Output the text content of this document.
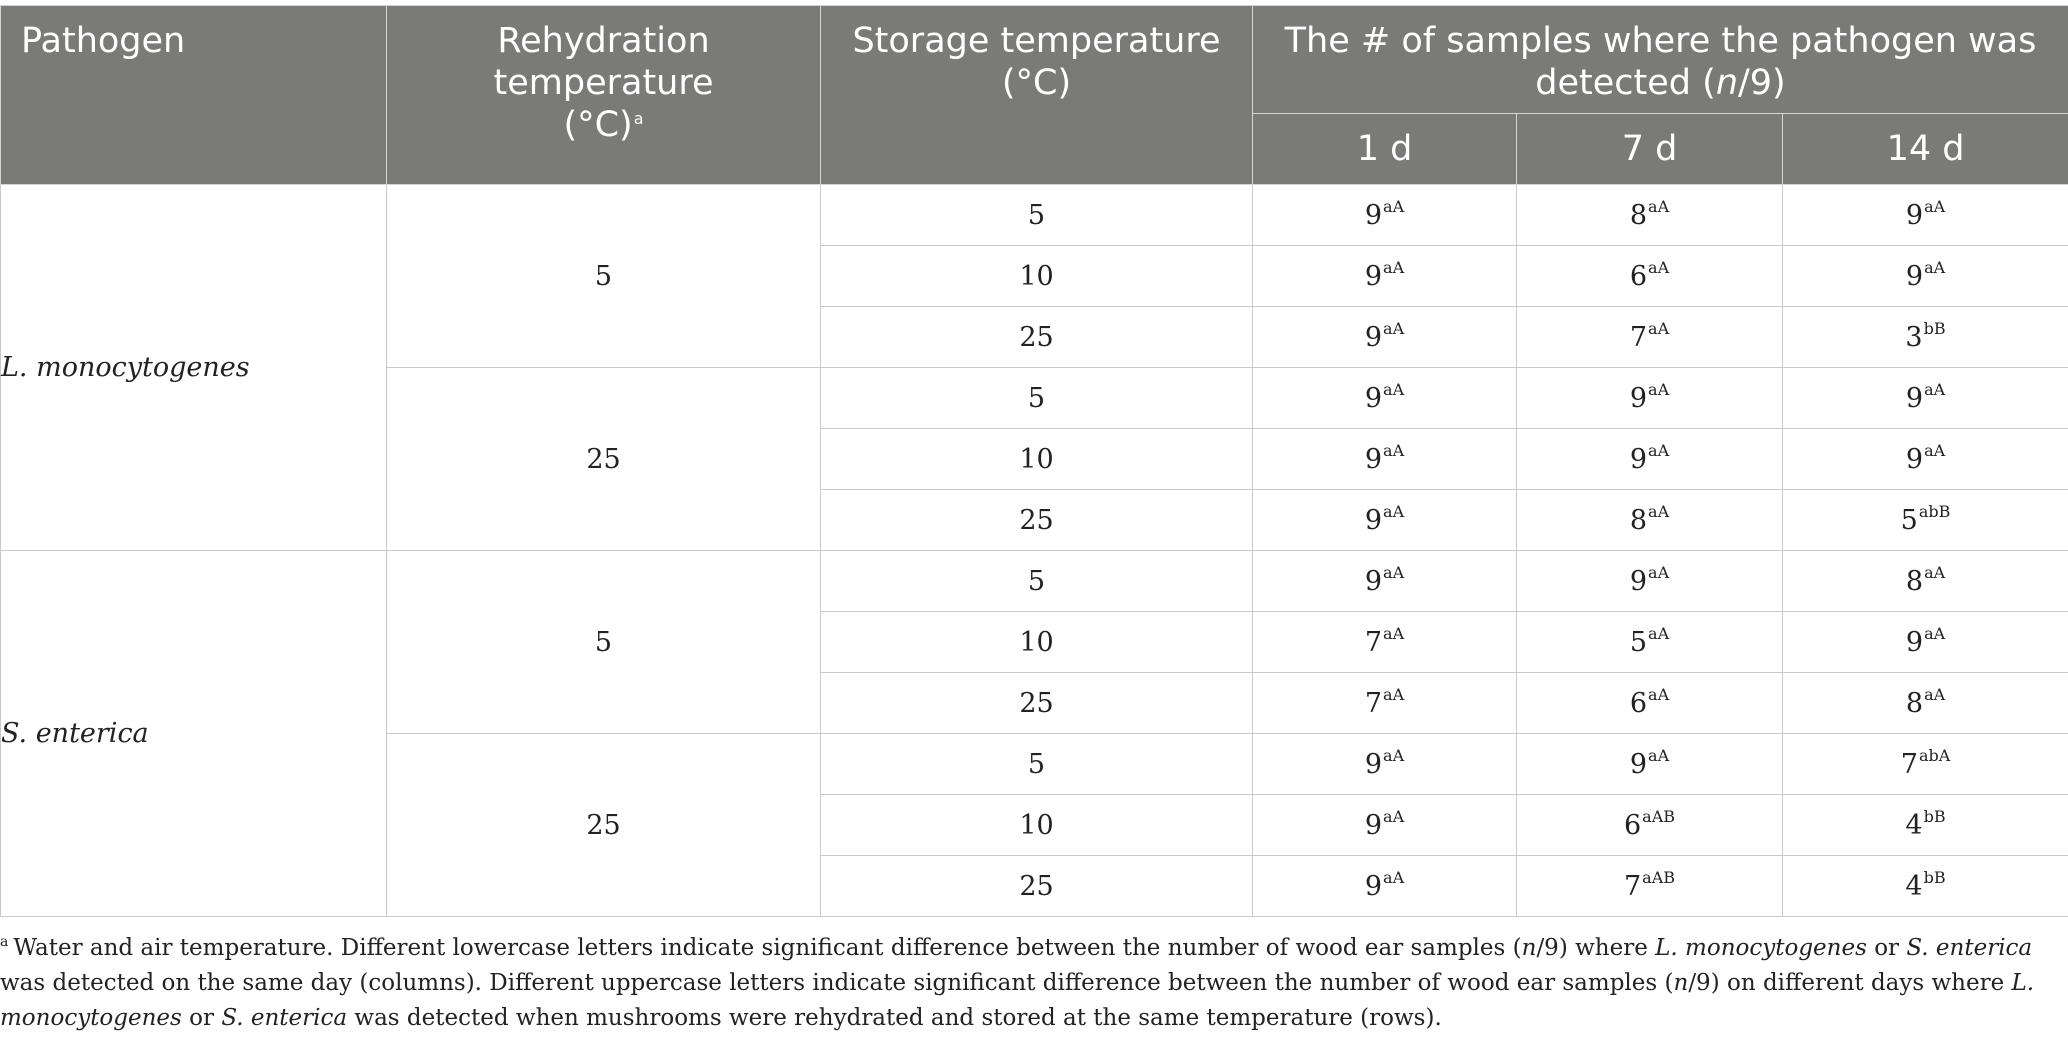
Pathogen	Rehydration temperature $(^\circ C)^a$	Storage temperature (°C)	The # of samples where the pathogen was detected (n/9)		

			1 d	7 d	14 d
L. monocytogenes	5	5	$9^{aA}$	$8^{aA}$	$9^{aA}$
		10	$9^{aA}$	$6^{aA}$	$9^{aA}$
		25	$9^{aA}$	$7^{aA}$	$3^{bB}$
	25	5	$9^{aA}$	$9^{aA}$	$9^{aA}$
		10	$9^{aA}$	$9^{aA}$	$9^{aA}$
		25	$9^{aA}$	$8^{aA}$	$5^{abB}$
S. enterica	5	5	$9^{aA}$	$9^{aA}$	$8^{aA}$
		10	$7^{aA}$	$5^{aA}$	$9^{aA}$
		25	$7^{aA}$	$6^{aA}$	$8^{aA}$
	25	5	$9^{aA}$	$9^{aA}$	$7^{abA}$
		10	$9^{aA}$	$6^{aAB}$	$4^{bB}$
		25	$9^{aA}$	$7^{aAB}$	$4^{bB}$

$^a$ Water and air temperature. Different lowercase letters indicate significant difference between the number of wood ear samples (n/9) where L. monocytogenes or S. enterica was detected on the same day (columns). Different uppercase letters indicate significant difference between the number of wood ear samples (n/9) on different days where L. monocytogenes or S. enterica was detected when mushrooms were rehydrated and stored at the same temperature (rows).
